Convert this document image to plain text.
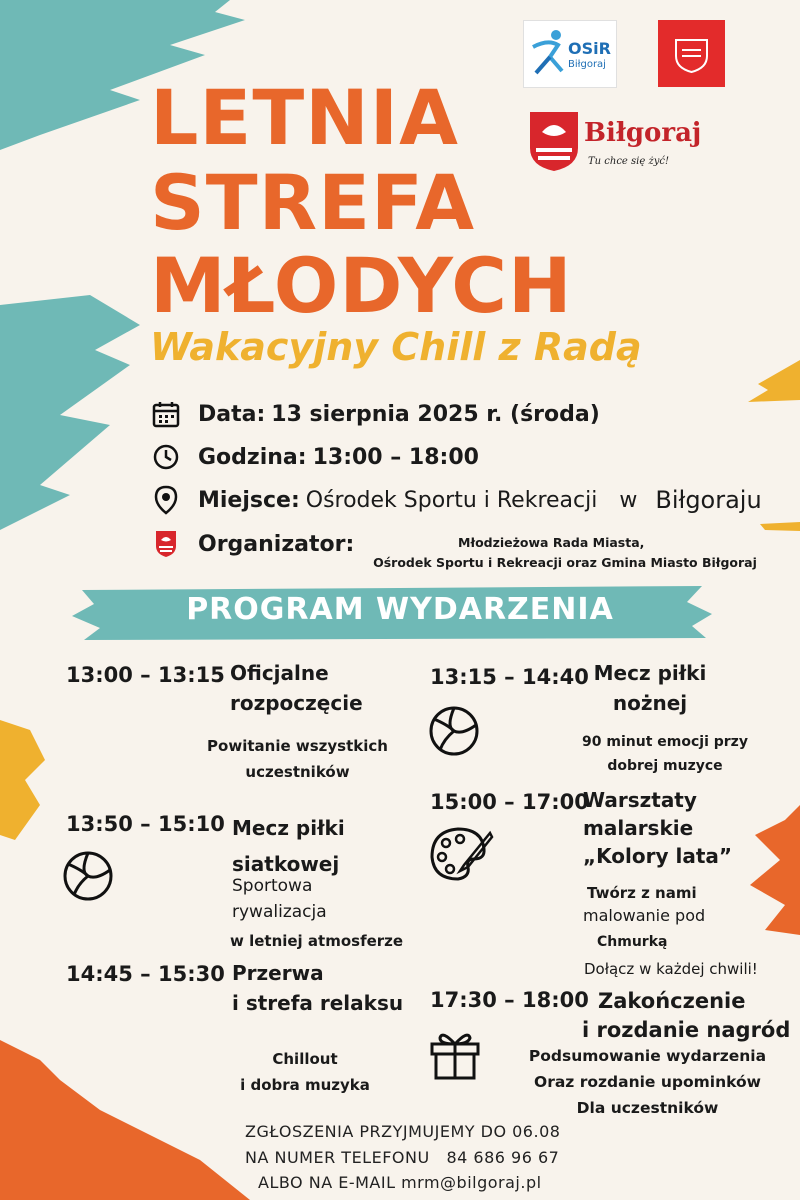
OSiR
Biłgoraj
Biłgoraj
Tu chce się żyć!
LETNIA
STREFA
MŁODYCH
Wakacyjny Chill z Radą
Data: 13 sierpnia 2025 r. (środa)
Godzina: 13:00 – 18:00
Miejsce: Ośrodek Sportu i Rekreacji w Biłgoraju
Organizator:	Młodzieżowa Rada Miasta,
Ośrodek Sportu i Rekreacji oraz Gmina Miasto Biłgoraj
PROGRAM WYDARZENIA
13:00 – 13:15 Oficjalne
rozpoczęcie
Powitanie wszystkich
uczestników
13:50 – 15:10 Mecz piłki
siatkowej
Sportowa
rywalizacja
w letniej atmosferze
14:45 – 15:30 Przerwa
i strefa relaksu
Chillout
i dobra muzyka
13:15 – 14:40 Mecz piłki
nożnej
90 minut emocji przy
dobrej muzyce
15:00 – 17:00
Warsztaty
malarskie
„Kolory lata”
Twórz z nami
malowanie pod
Chmurką
Dołącz w każdej chwili!
17:30 – 18:00 Zakończenie
i rozdanie nagród
Podsumowanie wydarzenia
Oraz rozdanie upominków
Dla uczestników
ZGŁOSZENIA PRZYJMUJEMY DO 06.08
NA NUMER TELEFONU   84 686 96 67
ALBO NA E-MAIL mrm@bilgoraj.pl
